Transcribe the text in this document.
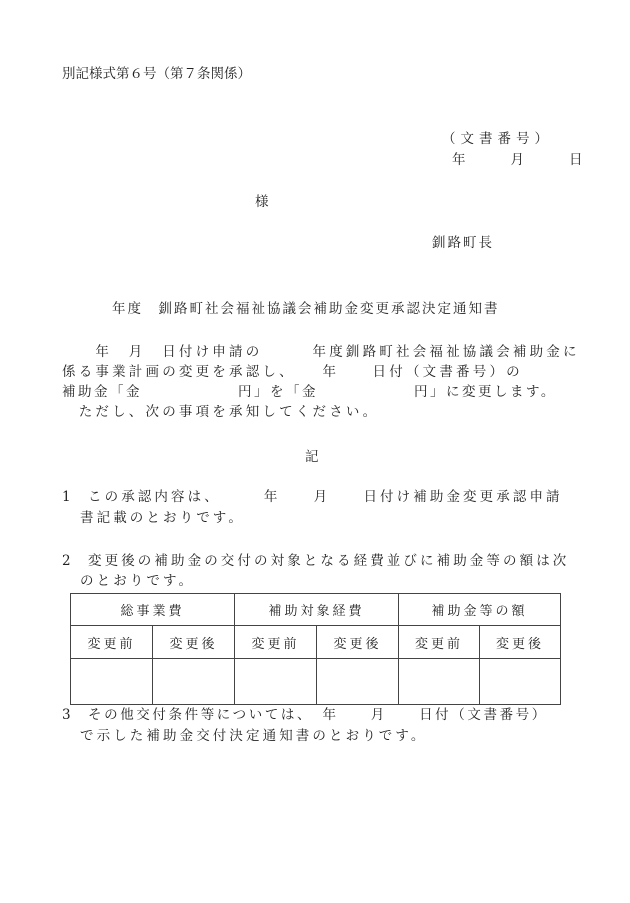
別記様式第６号（第７条関係）
（文書番号）
年　　月　　日
様
釧路町長
年度　釧路町社会福祉協議会補助金変更承認決定通知書
　　年　月　日付け申請の　　　年度釧路町社会福祉協議会補助金に
係る事業計画の変更を承認し、　　年　　日付（文書番号）の
補助金「金　　　　　　円」を「金　　　　　　円」に変更します。
　ただし、次の事項を承知してください。
記
1 この承認内容は、　　　年　　月　　日付け補助金変更承認申請
書記載のとおりです。
2 変更後の補助金の交付の対象となる経費並びに補助金等の額は次
のとおりです。
総事業費		補助対象経費		補助金等の額	
変更前	変更後	変更前	変更後	変更前	変更後

3 その他交付条件等については、　年　　月　　日付（文書番号）
で示した補助金交付決定通知書のとおりです。
